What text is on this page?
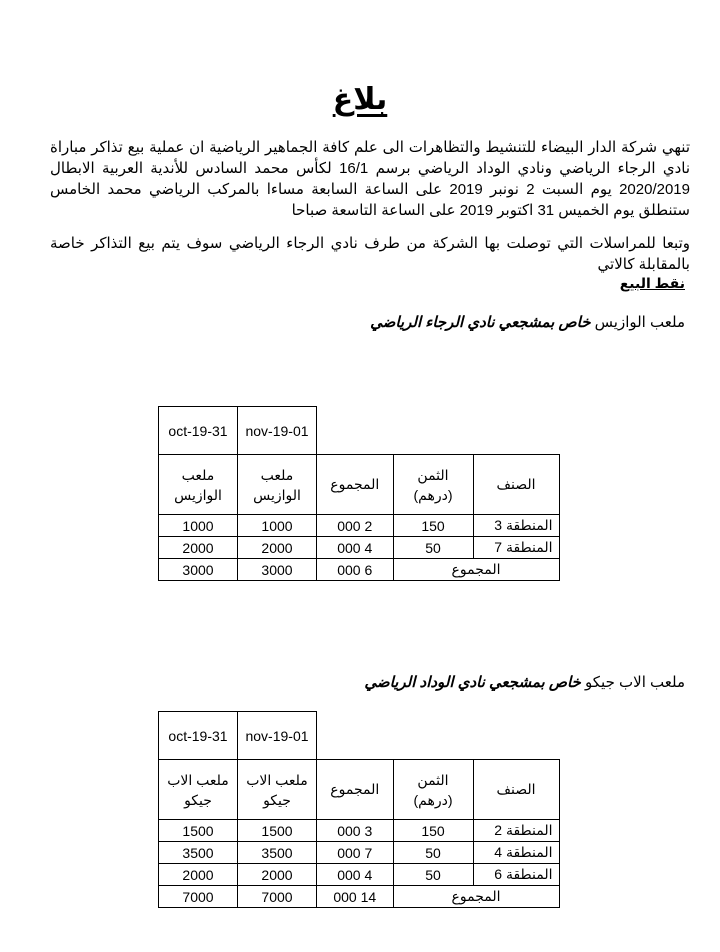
بلاغ
تنهي شركة الدار البيضاء للتنشيط والتظاهرات الى علم كافة الجماهير الرياضية ان عملية بيع تذاكر مباراة نادي الرجاء الرياضي ونادي الوداد الرياضي برسم 16/1 لكأس محمد السادس للأندية العربية الابطال 2020/2019 يوم السبت 2 نونبر 2019 على الساعة السابعة مساءا بالمركب الرياضي محمد الخامس ستنطلق يوم الخميس 31 اكتوبر 2019 على الساعة التاسعة صباحا
وتبعا للمراسلات التي توصلت بها الشركة من طرف نادي الرجاء الرياضي سوف يتم بيع التذاكر خاصة بالمقابلة كالاتي
نقط البيع
ملعب الوازيس خاص بمشجعي نادي الرجاء الرياضي
			01-nov-19	31-oct-19
الصنف	الثمن (درهم)	المجموع	ملعب الوازيس	ملعب الوازيس
المنطقة 3	150	2 000	1000	1000
المنطقة 7	50	4 000	2000	2000
المجموع		6 000	3000	3000
ملعب الاب جيكو خاص بمشجعي نادي الوداد الرياضي
			01-nov-19	31-oct-19
الصنف	الثمن (درهم)	المجموع	ملعب الاب جيكو	ملعب الاب جيكو
المنطقة 2	150	3 000	1500	1500
المنطقة 4	50	7 000	3500	3500
المنطقة 6	50	4 000	2000	2000
المجموع		14 000	7000	7000
